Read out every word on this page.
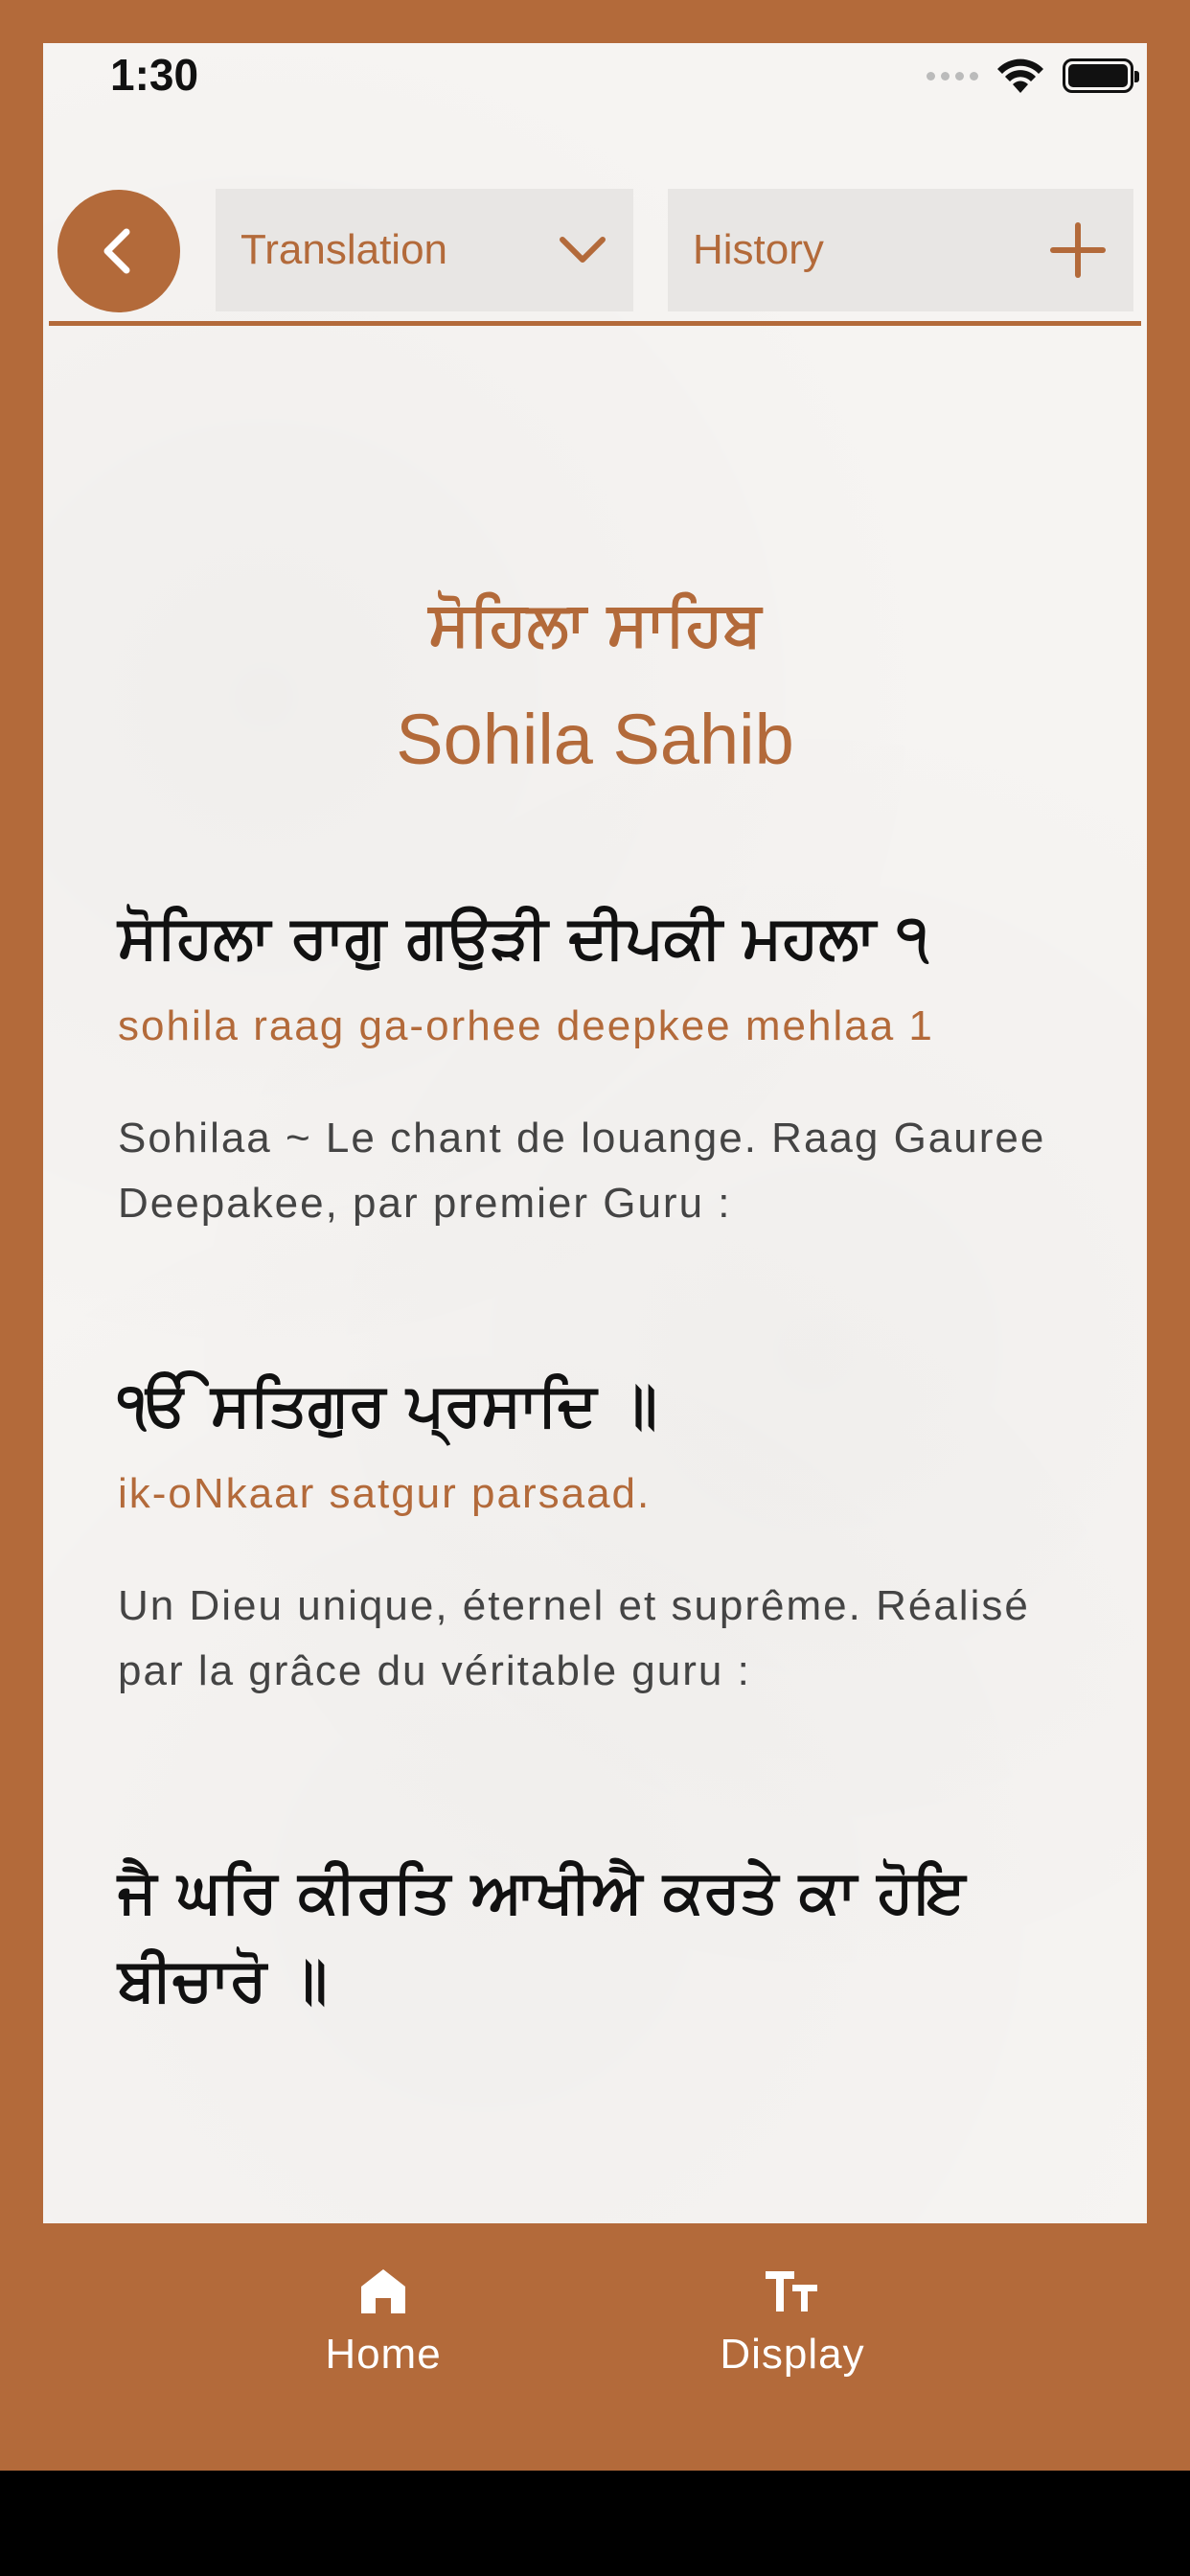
1:30
Translation	History
ਸੋਹਿਲਾ ਸਾਹਿਬ
Sohila Sahib
ਸੋਹਿਲਾ ਰਾਗੁ ਗਉੜੀ ਦੀਪਕੀ ਮਹਲਾ ੧
sohila raag ga-orhee deepkee mehlaa 1
Sohilaa ~ Le chant de louange. Raag Gauree Deepakee, par premier Guru :
ੴ ਸਤਿਗੁਰ ਪ੍ਰਸਾਦਿ ॥
ik-oNkaar satgur parsaad.
Un Dieu unique, éternel et suprême. Réalisé par la grâce du véritable guru :
ਜੈ ਘਰਿ ਕੀਰਤਿ ਆਖੀਐ ਕਰਤੇ ਕਾ ਹੋਇ ਬੀਚਾਰੋ ॥
Home	Display
